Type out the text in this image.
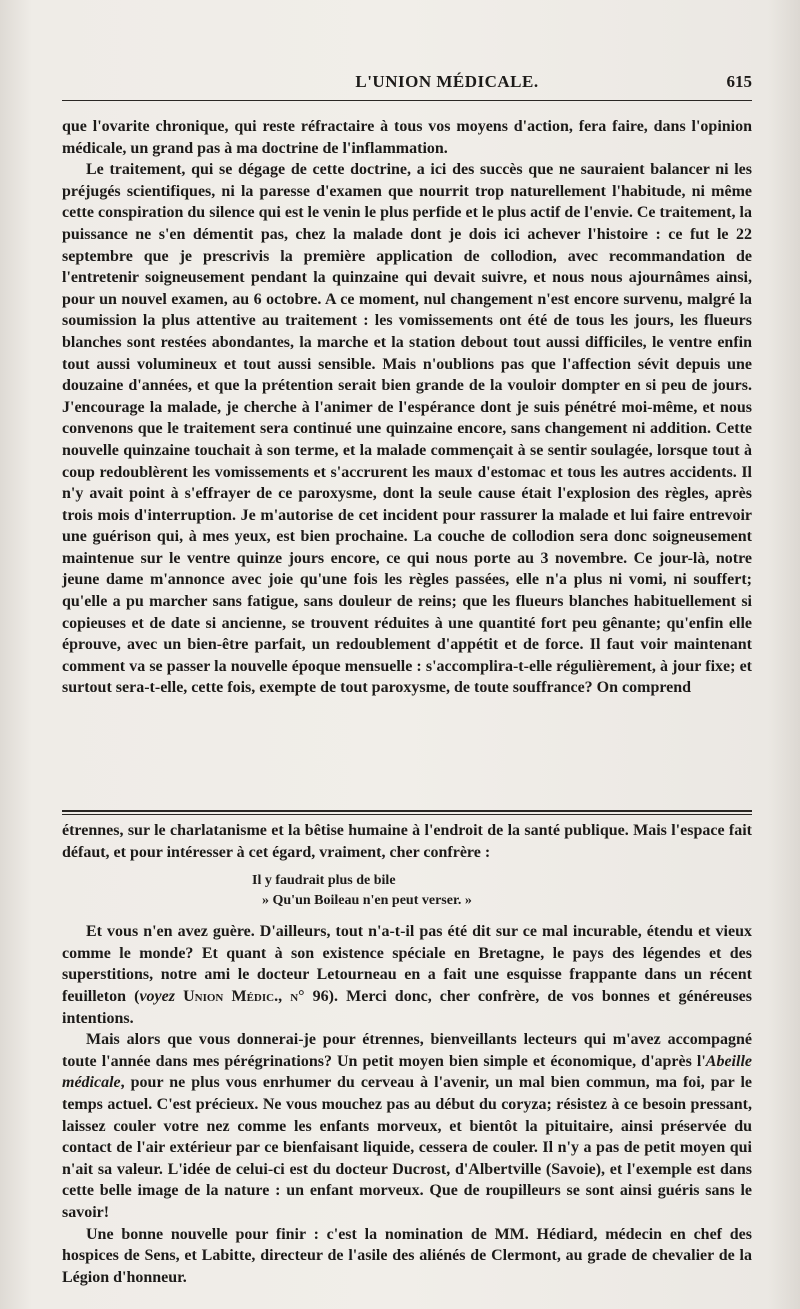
L'UNION MÉDICALE.	615

que l'ovarite chronique, qui reste réfractaire à tous vos moyens d'action, fera faire, dans l'opinion médicale, un grand pas à ma doctrine de l'inflammation.

Le traitement, qui se dégage de cette doctrine, a ici des succès que ne sauraient balancer ni les préjugés scientifiques, ni la paresse d'examen que nourrit trop naturellement l'habitude, ni même cette conspiration du silence qui est le venin le plus perfide et le plus actif de l'envie. Ce traitement, la puissance ne s'en démentit pas, chez la malade dont je dois ici achever l'histoire : ce fut le 22 septembre que je prescrivis la première application de collodion, avec recommandation de l'entretenir soigneusement pendant la quinzaine qui devait suivre, et nous nous ajournâmes ainsi, pour un nouvel examen, au 6 octobre. A ce moment, nul changement n'est encore survenu, malgré la soumission la plus attentive au traitement : les vomissements ont été de tous les jours, les flueurs blanches sont restées abondantes, la marche et la station debout tout aussi difficiles, le ventre enfin tout aussi volumineux et tout aussi sensible. Mais n'oublions pas que l'affection sévit depuis une douzaine d'années, et que la prétention serait bien grande de la vouloir dompter en si peu de jours. J'encourage la malade, je cherche à l'animer de l'espérance dont je suis pénétré moi-même, et nous convenons que le traitement sera continué une quinzaine encore, sans changement ni addition. Cette nouvelle quinzaine touchait à son terme, et la malade commençait à se sentir soulagée, lorsque tout à coup redoublèrent les vomissements et s'accrurent les maux d'estomac et tous les autres accidents. Il n'y avait point à s'effrayer de ce paroxysme, dont la seule cause était l'explosion des règles, après trois mois d'interruption. Je m'autorise de cet incident pour rassurer la malade et lui faire entrevoir une guérison qui, à mes yeux, est bien prochaine. La couche de collodion sera donc soigneusement maintenue sur le ventre quinze jours encore, ce qui nous porte au 3 novembre. Ce jour-là, notre jeune dame m'annonce avec joie qu'une fois les règles passées, elle n'a plus ni vomi, ni souffert; qu'elle a pu marcher sans fatigue, sans douleur de reins; que les flueurs blanches habituellement si copieuses et de date si ancienne, se trouvent réduites à une quantité fort peu gênante; qu'enfin elle éprouve, avec un bien-être parfait, un redoublement d'appétit et de force. Il faut voir maintenant comment va se passer la nouvelle époque mensuelle : s'accomplira-t-elle régulièrement, à jour fixe; et surtout sera-t-elle, cette fois, exempte de tout paroxysme, de toute souffrance? On comprend

étrennes, sur le charlatanisme et la bêtise humaine à l'endroit de la santé publique. Mais l'espace fait défaut, et pour intéresser à cet égard, vraiment, cher confrère :

Il y faudrait plus de bile
» Qu'un Boileau n'en peut verser. »

Et vous n'en avez guère. D'ailleurs, tout n'a-t-il pas été dit sur ce mal incurable, étendu et vieux comme le monde? Et quant à son existence spéciale en Bretagne, le pays des légendes et des superstitions, notre ami le docteur Letourneau en a fait une esquisse frappante dans un récent feuilleton (voyez Union Médic., n° 96). Merci donc, cher confrère, de vos bonnes et généreuses intentions.

Mais alors que vous donnerai-je pour étrennes, bienveillants lecteurs qui m'avez accompagné toute l'année dans mes pérégrinations? Un petit moyen bien simple et économique, d'après l'Abeille médicale, pour ne plus vous enrhumer du cerveau à l'avenir, un mal bien commun, ma foi, par le temps actuel. C'est précieux. Ne vous mouchez pas au début du coryza; résistez à ce besoin pressant, laissez couler votre nez comme les enfants morveux, et bientôt la pituitaire, ainsi préservée du contact de l'air extérieur par ce bienfaisant liquide, cessera de couler. Il n'y a pas de petit moyen qui n'ait sa valeur. L'idée de celui-ci est du docteur Ducrost, d'Albertville (Savoie), et l'exemple est dans cette belle image de la nature : un enfant morveux. Que de roupilleurs se sont ainsi guéris sans le savoir!

Une bonne nouvelle pour finir : c'est la nomination de MM. Hédiard, médecin en chef des hospices de Sens, et Labitte, directeur de l'asile des aliénés de Clermont, au grade de chevalier de la Légion d'honneur.
